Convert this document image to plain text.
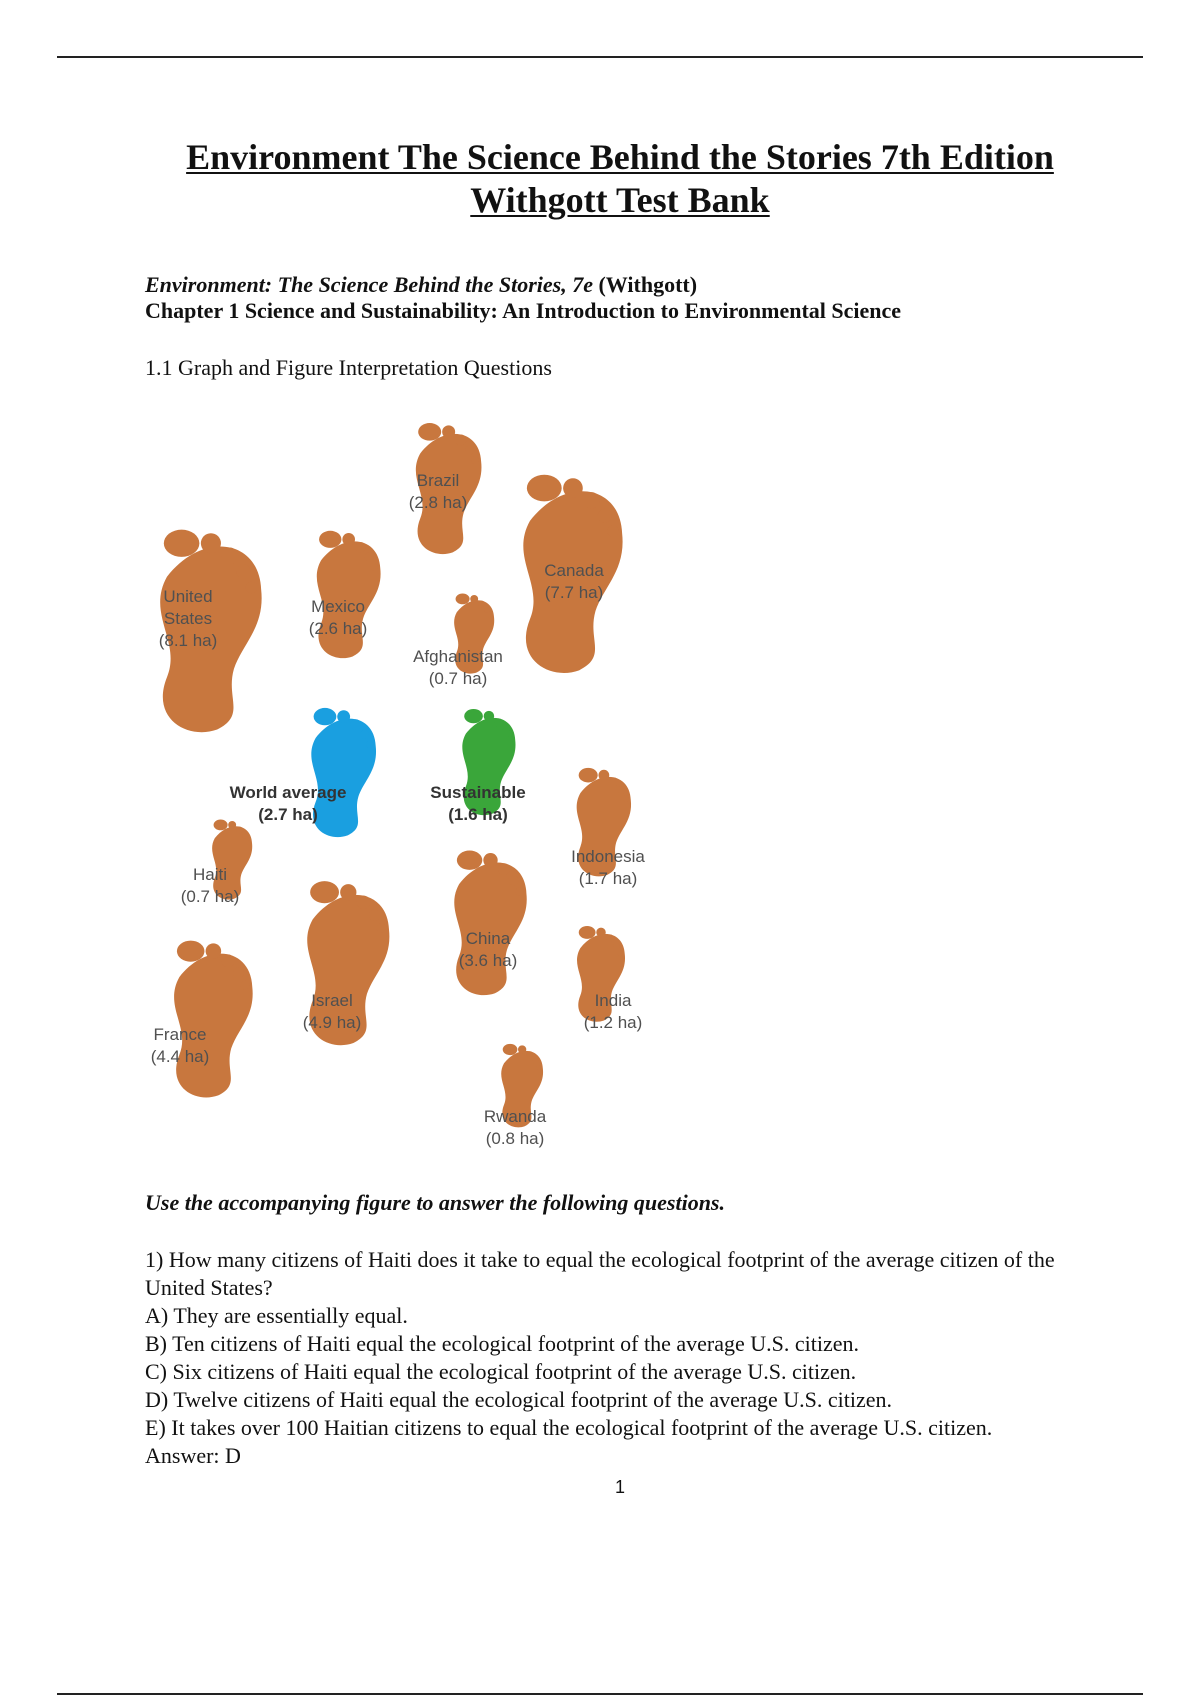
Environment The Science Behind the Stories 7th Edition
Withgott Test Bank
Environment: The Science Behind the Stories, 7e (Withgott)
Chapter 1 Science and Sustainability: An Introduction to Environmental Science
1.1 Graph and Figure Interpretation Questions
Brazil
(2.8 ha)
Canada
(7.7 ha)
United
States
(8.1 ha)
Mexico
(2.6 ha)
Afghanistan
(0.7 ha)
World average
(2.7 ha)
Sustainable
(1.6 ha)
Indonesia
(1.7 ha)
Haiti
(0.7 ha)
China
(3.6 ha)
Israel
(4.9 ha)
India
(1.2 ha)
France
(4.4 ha)
Rwanda
(0.8 ha)
Use the accompanying figure to answer the following questions.

1) How many citizens of Haiti does it take to equal the ecological footprint of the average citizen of the United States?

A) They are essentially equal.

B) Ten citizens of Haiti equal the ecological footprint of the average U.S. citizen.

C) Six citizens of Haiti equal the ecological footprint of the average U.S. citizen.

D) Twelve citizens of Haiti equal the ecological footprint of the average U.S. citizen.

E) It takes over 100 Haitian citizens to equal the ecological footprint of the average U.S. citizen.

Answer: D

1
